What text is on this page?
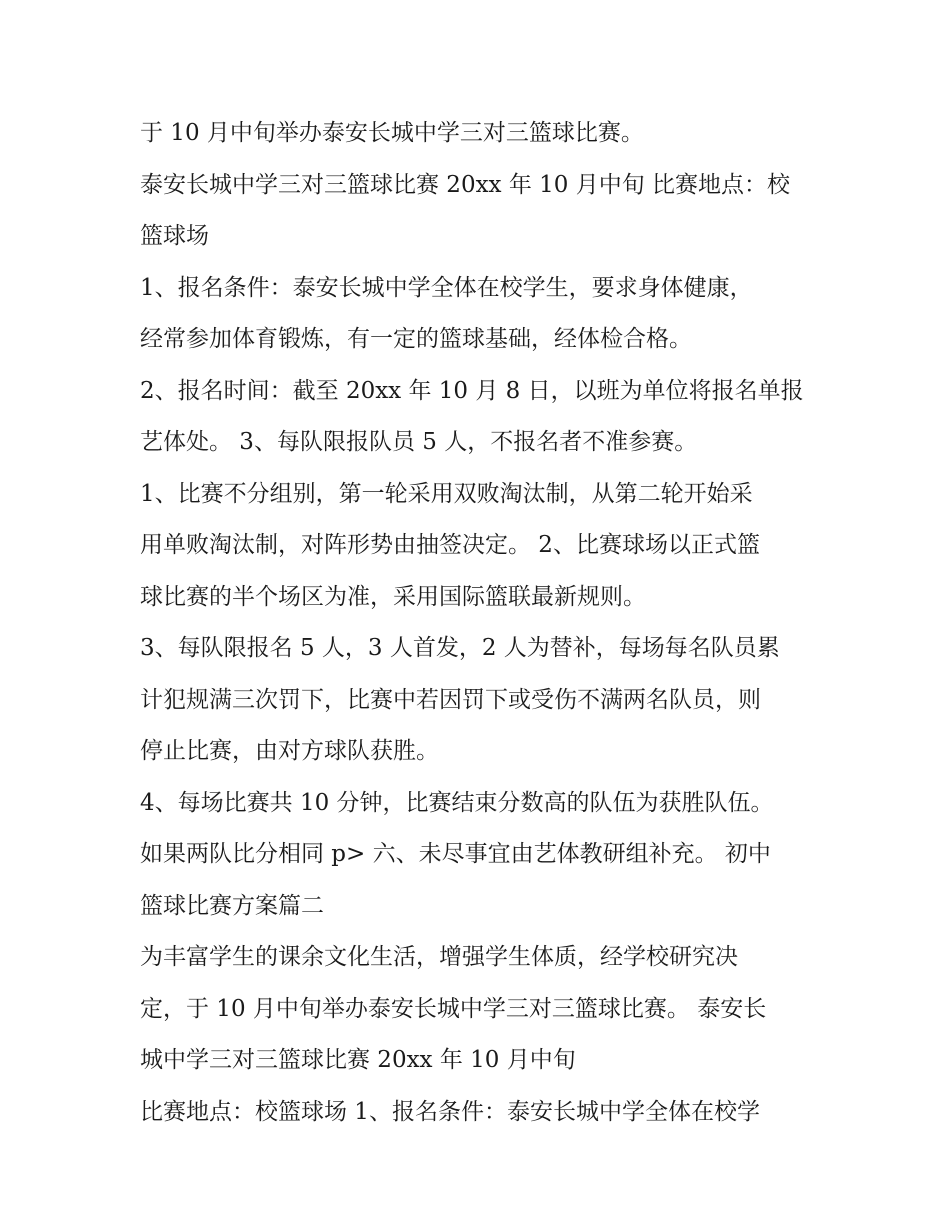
于 10 月中旬举办泰安长城中学三对三篮球比赛。
泰安长城中学三对三篮球比赛 20xx 年 10 月中旬 比赛地点：校
篮球场
1、报名条件：泰安长城中学全体在校学生，要求身体健康，
经常参加体育锻炼，有一定的篮球基础，经体检合格。
2、报名时间：截至 20xx 年 10 月 8 日，以班为单位将报名单报
艺体处。 3、每队限报队员 5 人，不报名者不准参赛。
1、比赛不分组别，第一轮采用双败淘汰制，从第二轮开始采
用单败淘汰制，对阵形势由抽签决定。 2、比赛球场以正式篮
球比赛的半个场区为准，采用国际篮联最新规则。
3、每队限报名 5 人，3 人首发，2 人为替补，每场每名队员累
计犯规满三次罚下，比赛中若因罚下或受伤不满两名队员，则
停止比赛，由对方球队获胜。
4、每场比赛共 10 分钟，比赛结束分数高的队伍为获胜队伍。
如果两队比分相同 p> 六、未尽事宜由艺体教研组补充。 初中
篮球比赛方案篇二
为丰富学生的课余文化生活，增强学生体质，经学校研究决
定，于 10 月中旬举办泰安长城中学三对三篮球比赛。 泰安长
城中学三对三篮球比赛 20xx 年 10 月中旬
比赛地点：校篮球场 1、报名条件：泰安长城中学全体在校学
